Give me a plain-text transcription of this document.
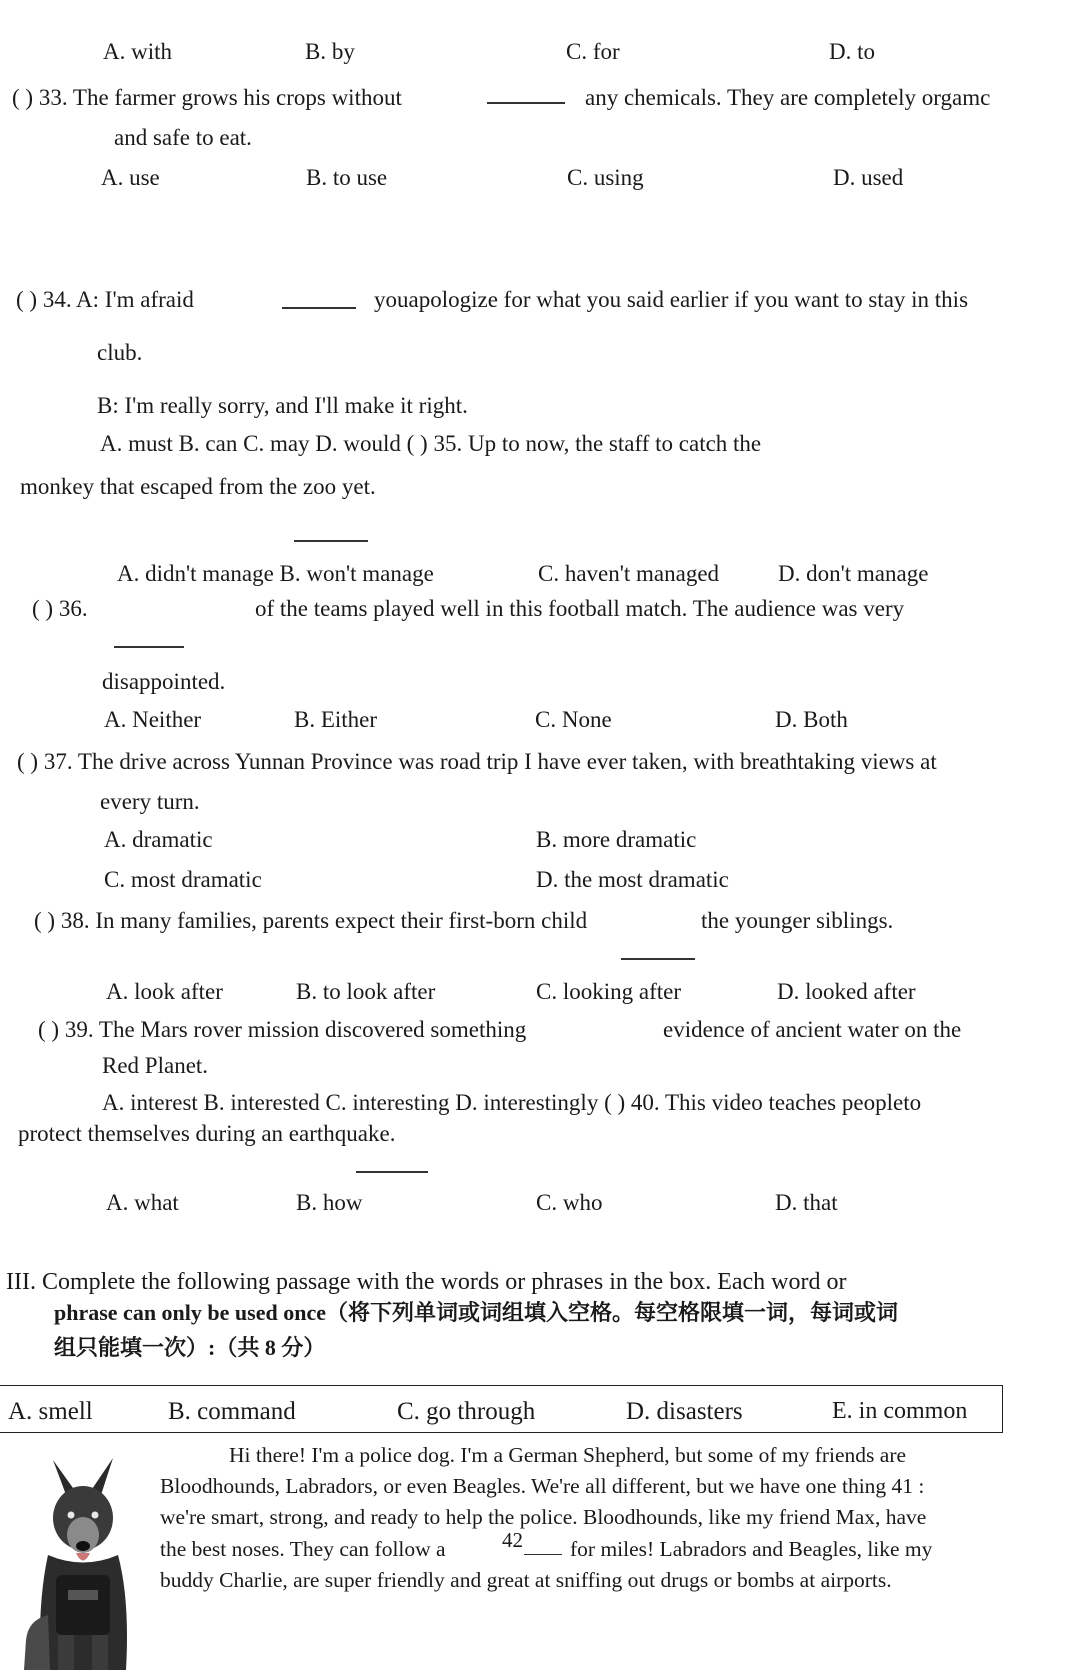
A. with	B. by	C. for	D. to
( ) 33. The farmer grows his crops without	any chemicals. They are completely orgamc
and safe to eat.
A. use	B. to use	C. using	D. used
( ) 34. A: I'm afraid	youapologize for what you said earlier if you want to stay in this
club.
B: I'm really sorry, and I'll make it right.
A. must B. can C. may D. would ( ) 35. Up to now, the staff to catch the
monkey that escaped from the zoo yet.
A. didn't manage B. won't manage	C. haven't managed	D. don't manage
( ) 36.	of the teams played well in this football match. The audience was very
disappointed.
A. Neither	B. Either	C. None	D. Both
( ) 37. The drive across Yunnan Province was road trip I have ever taken, with breathtaking views at
every turn.
A. dramatic	B. more dramatic
C. most dramatic	D. the most dramatic
( ) 38. In many families, parents expect their first-born child	the younger siblings.
A. look after	B. to look after	C. looking after	D. looked after
( ) 39. The Mars rover mission discovered something	evidence of ancient water on the
Red Planet.
A. interest B. interested C. interesting D. interestingly ( ) 40. This video teaches peopleto
protect themselves during an earthquake.
A. what	B. how	C. who	D. that
III. Complete the following passage with the words or phrases in the box. Each word or
phrase can only be used once（将下列单词或词组填入空格。每空格限填一词，每词或词
组只能填一次）:（共 8 分）
A. smell	B. command	C. go through	D. disasters	E. in common
Hi there! I'm a police dog. I'm a German Shepherd, but some of my friends are
Bloodhounds, Labradors, or even Beagles. We're all different, but we have one thing 41 :
we're smart, strong, and ready to help the police. Bloodhounds, like my friend Max, have
the best noses. They can follow a	42 for miles! Labradors and Beagles, like my
buddy Charlie, are super friendly and great at sniffing out drugs or bombs at airports.
